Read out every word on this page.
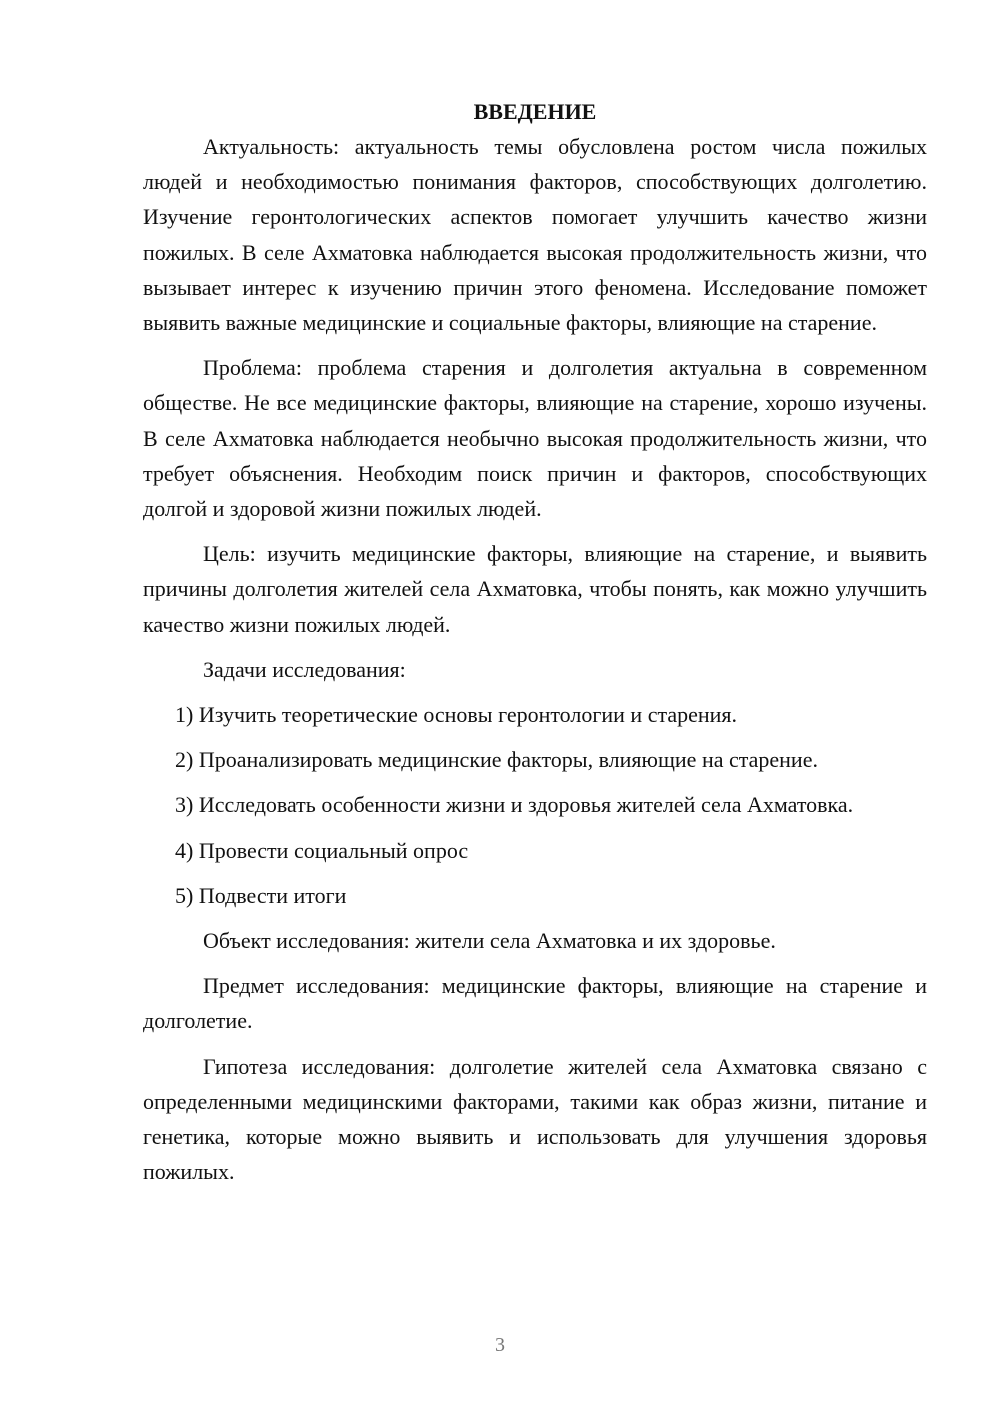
ВВЕДЕНИЕ

Актуальность: актуальность темы обусловлена ростом числа пожилых людей и необходимостью понимания факторов, способствующих долголетию. Изучение геронтологических аспектов помогает улучшить качество жизни пожилых. В селе Ахматовка наблюдается высокая продолжительность жизни, что вызывает интерес к изучению причин этого феномена. Исследование поможет выявить важные медицинские и социальные факторы, влияющие на старение.

Проблема: проблема старения и долголетия актуальна в современном обществе. Не все медицинские факторы, влияющие на старение, хорошо изучены. В селе Ахматовка наблюдается необычно высокая продолжительность жизни, что требует объяснения. Необходим поиск причин и факторов, способствующих долгой и здоровой жизни пожилых людей.

Цель: изучить медицинские факторы, влияющие на старение, и выявить причины долголетия жителей села Ахматовка, чтобы понять, как можно улучшить качество жизни пожилых людей.

Задачи исследования:

1) Изучить теоретические основы геронтологии и старения.

2) Проанализировать медицинские факторы, влияющие на старение.

3) Исследовать особенности жизни и здоровья жителей села Ахматовка.

4) Провести социальный опрос

5) Подвести итоги

Объект исследования: жители села Ахматовка и их здоровье.

Предмет исследования: медицинские факторы, влияющие на старение и долголетие.

Гипотеза исследования: долголетие жителей села Ахматовка связано с определенными медицинскими факторами, такими как образ жизни, питание и генетика, которые можно выявить и использовать для улучшения здоровья пожилых.

3
